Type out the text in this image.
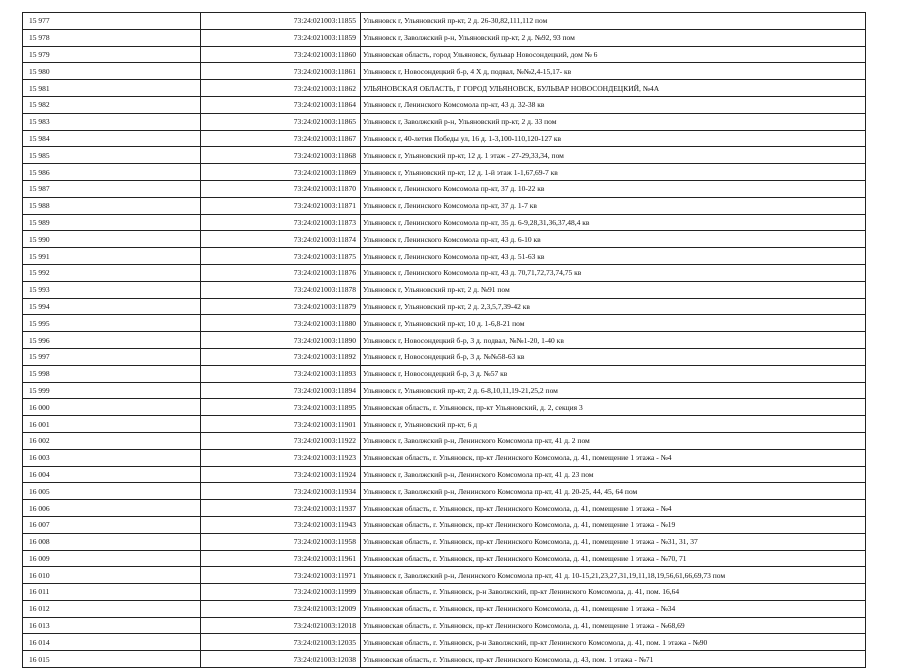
15 977	73:24:021003:11855	Ульяновск г, Ульяновский пр-кт, 2 д. 26-30,82,111,112 пом
15 978	73:24:021003:11859	Ульяновск г, Заволжский р-н, Ульяновский пр-кт, 2 д. №92, 93 пом
15 979	73:24:021003:11860	Ульяновская область, город Ульяновск, бульвар Новосондецкий, дом № 6
15 980	73:24:021003:11861	Ульяновск г, Новосондецкий б-р, 4 Х д, подвал, №№2,4-15,17- кв
15 981	73:24:021003:11862	УЛЬЯНОВСКАЯ ОБЛАСТЬ, Г ГОРОД УЛЬЯНОВСК, БУЛЬВАР НОВОСОНДЕЦКИЙ, №4А
15 982	73:24:021003:11864	Ульяновск г, Ленинского Комсомола пр-кт, 43 д. 32-38 кв
15 983	73:24:021003:11865	Ульяновск г, Заволжский р-н, Ульяновский пр-кт, 2 д. 33 пом
15 984	73:24:021003:11867	Ульяновск г, 40-летия Победы ул, 16 д. 1-3,100-110,120-127 кв
15 985	73:24:021003:11868	Ульяновск г, Ульяновский пр-кт, 12 д. 1 этаж - 27-29,33,34, пом
15 986	73:24:021003:11869	Ульяновск г, Ульяновский пр-кт, 12 д. 1-й этаж 1-1,67,69-7 кв
15 987	73:24:021003:11870	Ульяновск г, Ленинского Комсомола пр-кт, 37 д. 10-22 кв
15 988	73:24:021003:11871	Ульяновск г, Ленинского Комсомола пр-кт, 37 д. 1-7 кв
15 989	73:24:021003:11873	Ульяновск г, Ленинского Комсомола пр-кт, 35 д. 6-9,28,31,36,37,48,4 кв
15 990	73:24:021003:11874	Ульяновск г, Ленинского Комсомола пр-кт, 43 д. 6-10 кв
15 991	73:24:021003:11875	Ульяновск г, Ленинского Комсомола пр-кт, 43 д. 51-63 кв
15 992	73:24:021003:11876	Ульяновск г, Ленинского Комсомола пр-кт, 43 д. 70,71,72,73,74,75 кв
15 993	73:24:021003:11878	Ульяновск г, Ульяновский пр-кт, 2 д. №91 пом
15 994	73:24:021003:11879	Ульяновск г, Ульяновский пр-кт, 2 д. 2,3,5,7,39-42 кв
15 995	73:24:021003:11880	Ульяновск г, Ульяновский пр-кт, 10 д. 1-6,8-21 пом
15 996	73:24:021003:11890	Ульяновск г, Новосондецкий б-р, 3 д. подвал, №№1-20, 1-40 кв
15 997	73:24:021003:11892	Ульяновск г, Новосондецкий б-р, 3 д. №№58-63 кв
15 998	73:24:021003:11893	Ульяновск г, Новосондецкий б-р, 3 д. №57 кв
15 999	73:24:021003:11894	Ульяновск г, Ульяновский пр-кт, 2 д. 6-8,10,11,19-21,25,2 пом
16 000	73:24:021003:11895	Ульяновская область, г. Ульяновск, пр-кт Ульяновский, д. 2, секция 3
16 001	73:24:021003:11901	Ульяновск г, Ульяновский пр-кт, 6 д
16 002	73:24:021003:11922	Ульяновск г, Заволжский р-н, Ленинского Комсомола пр-кт, 41 д. 2 пом
16 003	73:24:021003:11923	Ульяновская область, г. Ульяновск, пр-кт Ленинского Комсомола, д. 41, помещение 1 этажа - №4
16 004	73:24:021003:11924	Ульяновск г, Заволжский р-н, Ленинского Комсомола пр-кт, 41 д. 23 пом
16 005	73:24:021003:11934	Ульяновск г, Заволжский р-н, Ленинского Комсомола пр-кт, 41 д. 20-25, 44, 45, 64 пом
16 006	73:24:021003:11937	Ульяновская область, г. Ульяновск, пр-кт Ленинского Комсомола, д. 41, помещение 1 этажа - №4
16 007	73:24:021003:11943	Ульяновская область, г. Ульяновск, пр-кт Ленинского Комсомола, д. 41, помещение 1 этажа - №19
16 008	73:24:021003:11958	Ульяновская область, г. Ульяновск, пр-кт Ленинского Комсомола, д. 41, помещение 1 этажа - №31, 31, 37
16 009	73:24:021003:11961	Ульяновская область, г. Ульяновск, пр-кт Ленинского Комсомола, д. 41, помещение 1 этажа - №70, 71
16 010	73:24:021003:11971	Ульяновск г, Заволжский р-н, Ленинского Комсомола пр-кт, 41 д. 10-15,21,23,27,31,19,11,18,19,56,61,66,69,73 пом
16 011	73:24:021003:11999	Ульяновская область, г. Ульяновск, р-н Заволжский, пр-кт Ленинского Комсомола, д. 41, пом. 16,64
16 012	73:24:021003:12009	Ульяновская область, г. Ульяновск, пр-кт Ленинского Комсомола, д. 41, помещение 1 этажа - №34
16 013	73:24:021003:12018	Ульяновская область, г. Ульяновск, пр-кт Ленинского Комсомола, д. 41, помещение 1 этажа - №68,69
16 014	73:24:021003:12035	Ульяновская область, г. Ульяновск, р-н Заволжский, пр-кт Ленинского Комсомола, д. 41, пом. 1 этажа - №90
16 015	73:24:021003:12038	Ульяновская область, г. Ульяновск, пр-кт Ленинского Комсомола, д. 43, пом. 1 этажа - №71
